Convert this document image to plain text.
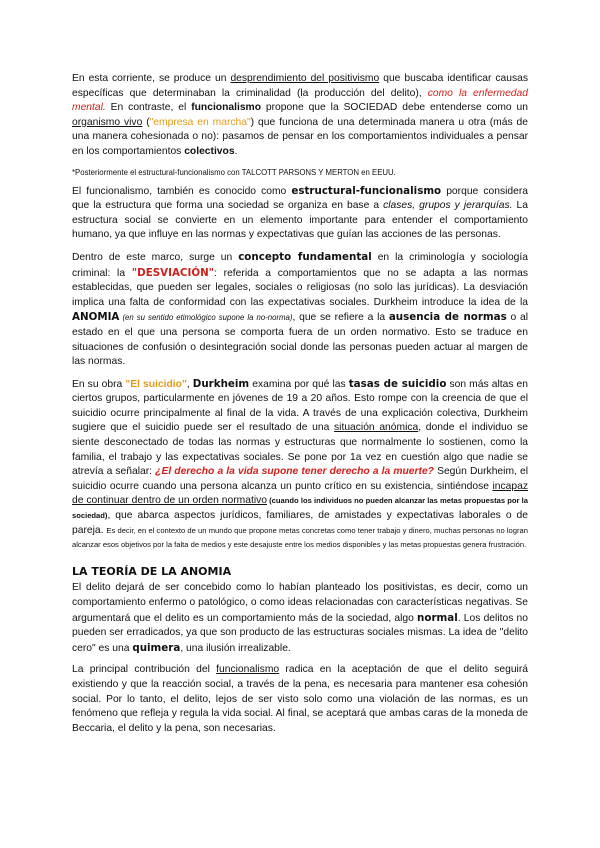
En esta corriente, se produce un desprendimiento del positivismo que buscaba identificar causas específicas que determinaban la criminalidad (la producción del delito), como la enfermedad mental. En contraste, el funcionalismo propone que la SOCIEDAD debe entenderse como un organismo vivo ("empresa en marcha") que funciona de una determinada manera u otra (más de una manera cohesionada o no): pasamos de pensar en los comportamientos individuales a pensar en los comportamientos colectivos.

*Posteriormente el estructural-funcionalismo con TALCOTT PARSONS Y MERTON en EEUU.

El funcionalismo, también es conocido como estructural-funcionalismo porque considera que la estructura que forma una sociedad se organiza en base a clases, grupos y jerarquías. La estructura social se convierte en un elemento importante para entender el comportamiento humano, ya que influye en las normas y expectativas que guían las acciones de las personas.

Dentro de este marco, surge un concepto fundamental en la criminología y sociología criminal: la "DESVIACIÓN": referida a comportamientos que no se adapta a las normas establecidas, que pueden ser legales, sociales o religiosas (no solo las jurídicas). La desviación implica una falta de conformidad con las expectativas sociales. Durkheim introduce la idea de la ANOMIA (en su sentido etimológico supone la no-norma), que se refiere a la ausencia de normas o al estado en el que una persona se comporta fuera de un orden normativo. Esto se traduce en situaciones de confusión o desintegración social donde las personas pueden actuar al margen de las normas.

En su obra "El suicidio", Durkheim examina por qué las tasas de suicidio son más altas en ciertos grupos, particularmente en jóvenes de 19 a 20 años. Esto rompe con la creencia de que el suicidio ocurre principalmente al final de la vida. A través de una explicación colectiva, Durkheim sugiere que el suicidio puede ser el resultado de una situación anómica, donde el individuo se siente desconectado de todas las normas y estructuras que normalmente lo sostienen, como la familia, el trabajo y las expectativas sociales. Se pone por 1a vez en cuestión algo que nadie se atrevía a señalar: ¿El derecho a la vida supone tener derecho a la muerte? Según Durkheim, el suicidio ocurre cuando una persona alcanza un punto crítico en su existencia, sintiéndose incapaz de continuar dentro de un orden normativo (cuando los individuos no pueden alcanzar las metas propuestas por la sociedad), que abarca aspectos jurídicos, familiares, de amistades y expectativas laborales o de pareja. Es decir, en el contexto de un mundo que propone metas concretas como tener trabajo y dinero, muchas personas no logran alcanzar esos objetivos por la falta de medios y este desajuste entre los medios disponibles y las metas propuestas genera frustración.

LA TEORÍA DE LA ANOMIA

El delito dejará de ser concebido como lo habían planteado los positivistas, es decir, como un comportamiento enfermo o patológico, o como ideas relacionadas con características negativas. Se argumentará que el delito es un comportamiento más de la sociedad, algo normal. Los delitos no pueden ser erradicados, ya que son producto de las estructuras sociales mismas. La idea de "delito cero" es una quimera, una ilusión irrealizable.

La principal contribución del funcionalismo radica en la aceptación de que el delito seguirá existiendo y que la reacción social, a través de la pena, es necesaria para mantener esa cohesión social. Por lo tanto, el delito, lejos de ser visto solo como una violación de las normas, es un fenómeno que refleja y regula la vida social. Al final, se aceptará que ambas caras de la moneda de Beccaria, el delito y la pena, son necesarias.
